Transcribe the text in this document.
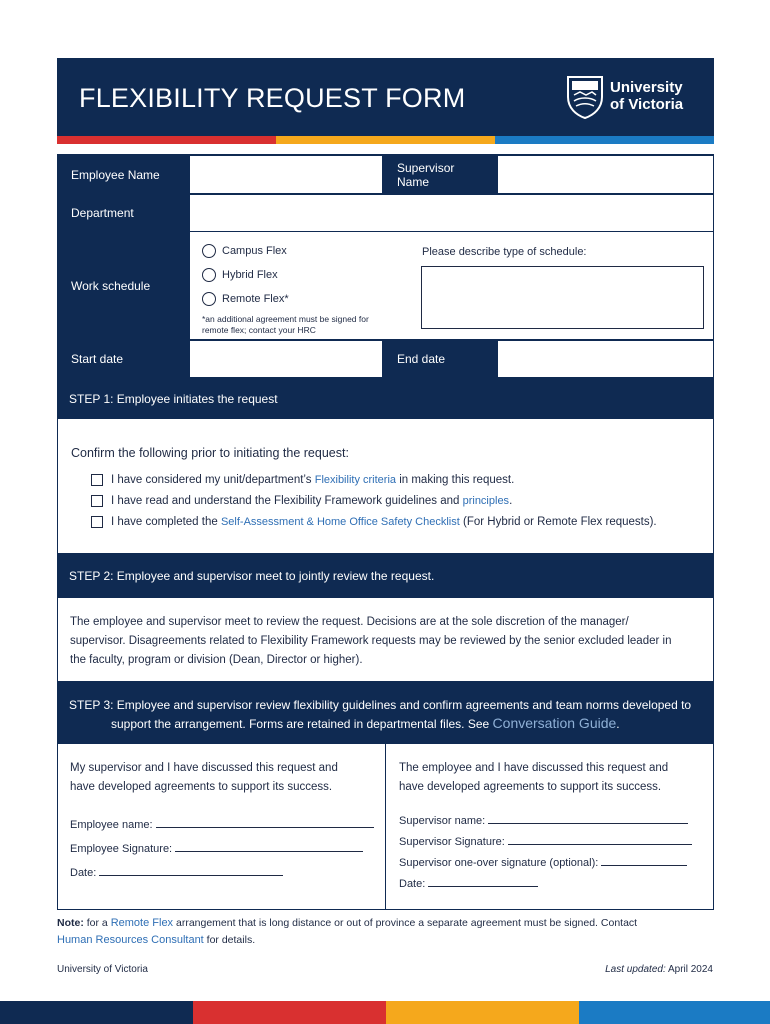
FLEXIBILITY REQUEST FORM	University
of Victoria
Employee Name	Supervisor Name
Department
Work schedule
Campus Flex
Hybrid Flex
Remote Flex*
*an additional agreement must be signed for
remote flex; contact your HRC
Please describe type of schedule:
Start date	End date
STEP 1: Employee initiates the request
Confirm the following prior to initiating the request:
I have considered my unit/department’s Flexibility criteria in making this request.
I have read and understand the Flexibility Framework guidelines and principles.
I have completed the Self-Assessment & Home Office Safety Checklist (For Hybrid or Remote Flex requests).
STEP 2: Employee and supervisor meet to jointly review the request.
The employee and supervisor meet to review the request. Decisions are at the sole discretion of the manager/
supervisor. Disagreements related to Flexibility Framework requests may be reviewed by the senior excluded leader in
the faculty, program or division (Dean, Director or higher).
STEP 3: Employee and supervisor review flexibility guidelines and confirm agreements and team norms developed to
support the arrangement. Forms are retained in departmental files. See Conversation Guide.
My supervisor and I have discussed this request and
have developed agreements to support its success.
Employee name:
Employee Signature:
Date:
The employee and I have discussed this request and
have developed agreements to support its success.
Supervisor name:
Supervisor Signature:
Supervisor one-over signature (optional):
Date:
Note: for a Remote Flex arrangement that is long distance or out of province a separate agreement must be signed. Contact
Human Resources Consultant for details.
University of Victoria	Last updated: April 2024
